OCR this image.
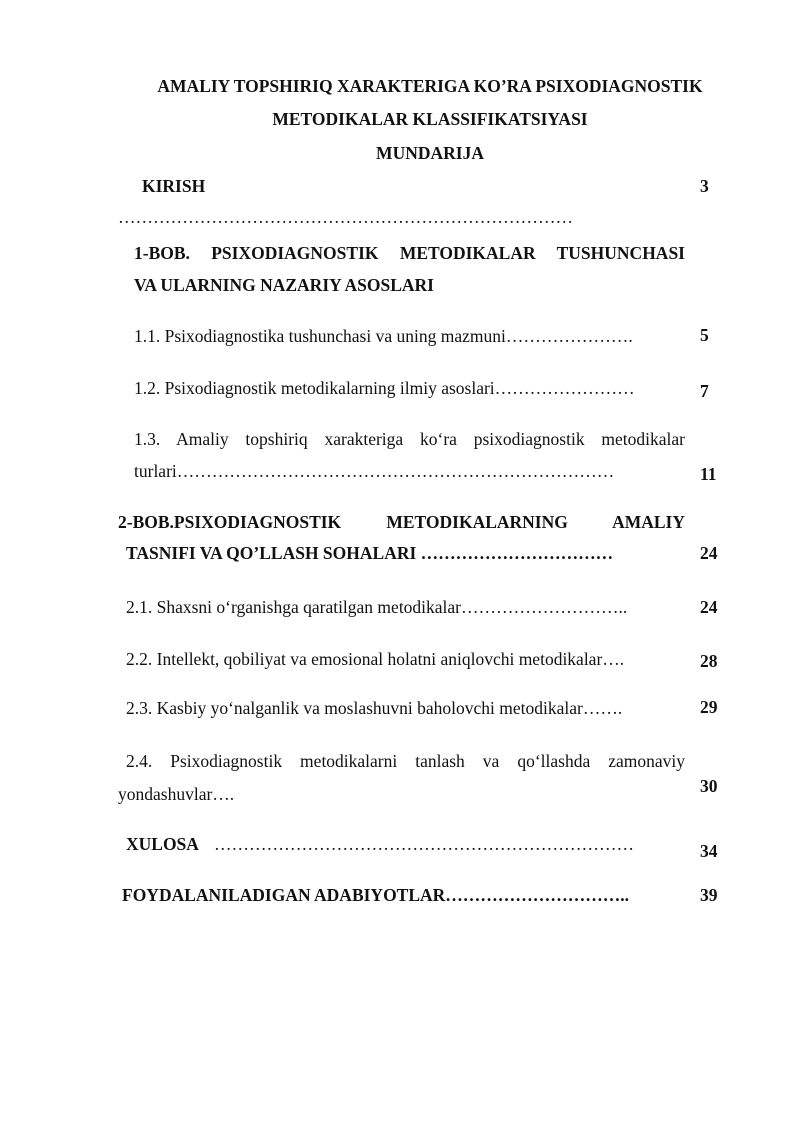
AMALIY TOPSHIRIQ XARAKTERIGA KO’RA PSIXODIAGNOSTIK
METODIKALAR KLASSIFIKATSIYASI
MUNDARIJA
KIRISH	3
……………………………………………………………………
1-BOB. PSIXODIAGNOSTIK METODIKALAR TUSHUNCHASI
VA ULARNING NAZARIY ASOSLARI
1.1. Psixodiagnostika tushunchasi va uning mazmuni………………….	5
1.2. Psixodiagnostik metodikalarning ilmiy asoslari……………………	7
1.3. Amaliy topshiriq xarakteriga ko‘ra psixodiagnostik metodikalar
turlari…………………………………………………………………	11
2-BOB.PSIXODIAGNOSTIK METODIKALARNING AMALIY
TASNIFI VA QO’LLASH SOHALARI ……………………………	24
2.1. Shaxsni o‘rganishga qaratilgan metodikalar………………………..	24
2.2. Intellekt, qobiliyat va emosional holatni aniqlovchi metodikalar….	28
2.3. Kasbiy yo‘nalganlik va moslashuvni baholovchi metodikalar…….	29
2.4. Psixodiagnostik metodikalarni tanlash va qo‘llashda zamonaviy
yondashuvlar….	30
XULOSA ………………………………………………………………	34
FOYDALANILADIGAN ADABIYOTLAR…………………………..	39
